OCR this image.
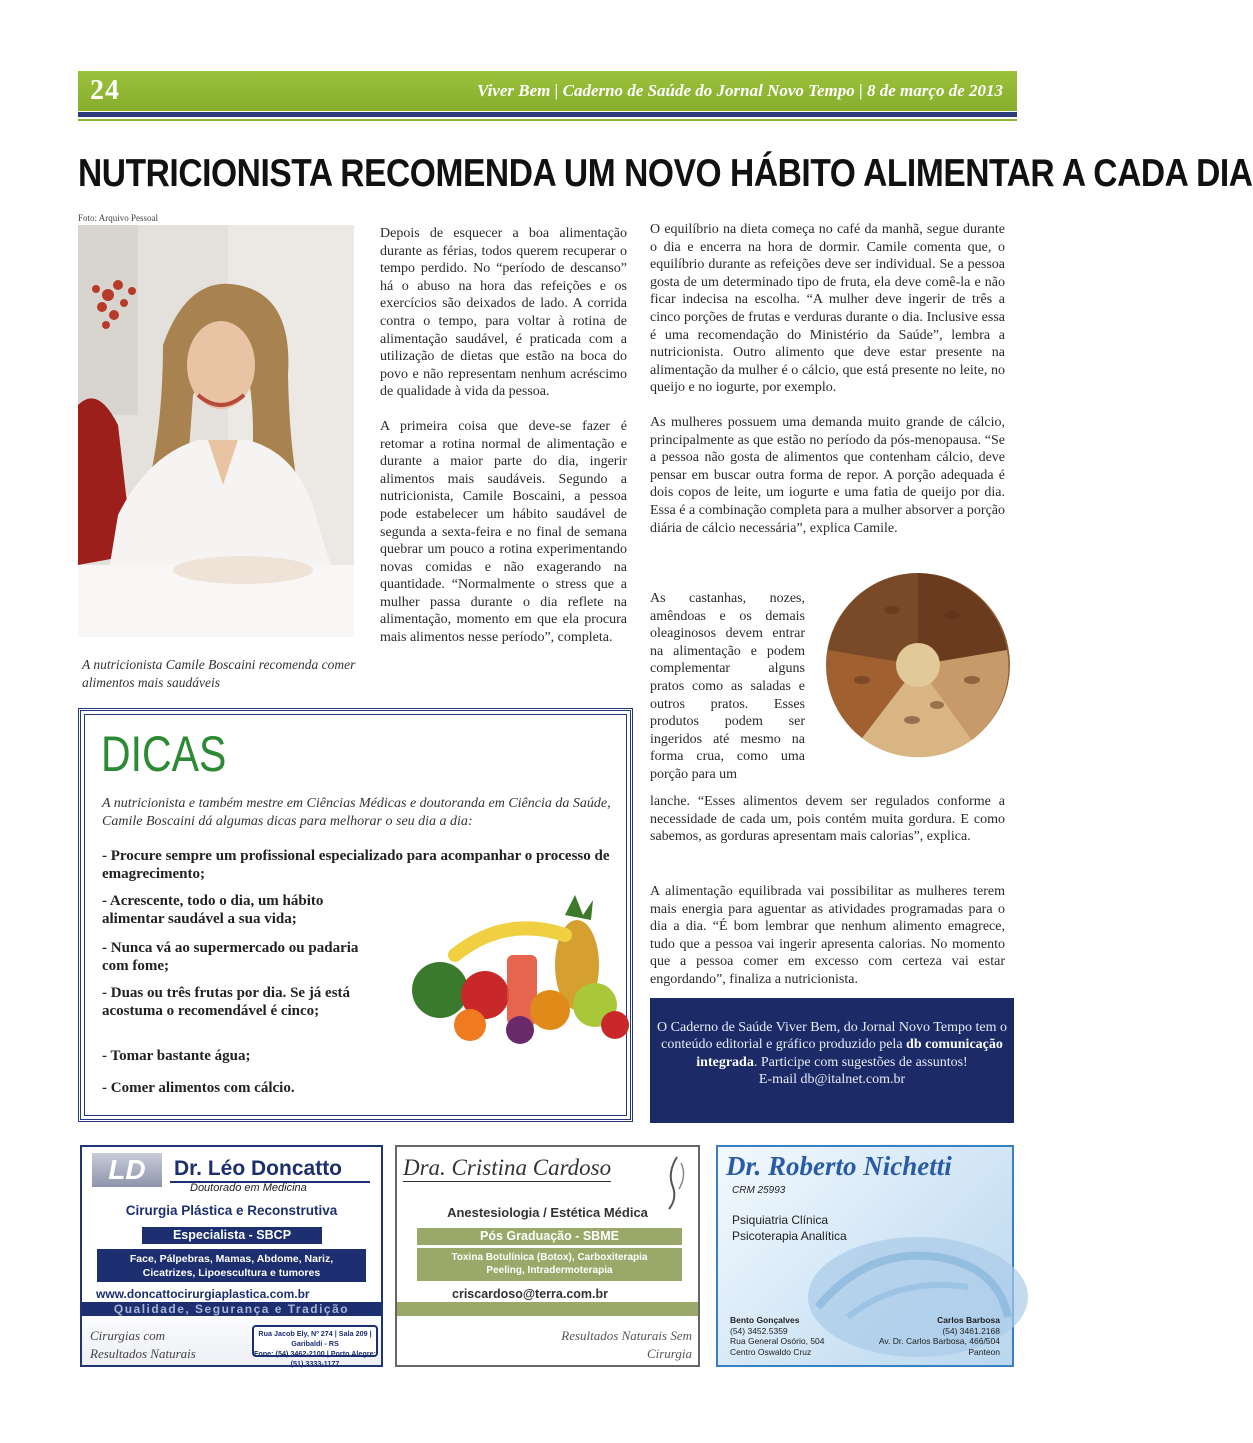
24	Viver Bem | Caderno de Saúde do Jornal Novo Tempo | 8 de março de 2013
NUTRICIONISTA RECOMENDA UM NOVO HÁBITO ALIMENTAR A CADA DIA
Foto: Arquivo Pessoal
A nutricionista Camile Boscaini recomenda comer alimentos mais saudáveis

Depois de esquecer a boa alimentação durante as férias, todos querem recuperar o tempo perdido. No “período de descanso” há o abuso na hora das refeições e os exercícios são deixados de lado. A corrida contra o tempo, para voltar à rotina de alimentação saudável, é praticada com a utilização de dietas que estão na boca do povo e não representam nenhum acréscimo de qualidade à vida da pessoa.

A primeira coisa que deve-se fazer é retomar a rotina normal de alimentação e durante a maior parte do dia, ingerir alimentos mais saudáveis. Segundo a nutricionista, Camile Boscaini, a pessoa pode estabelecer um hábito saudável de segunda a sexta-feira e no final de semana quebrar um pouco a rotina experimentando novas comidas e não exagerando na quantidade. “Normalmente o stress que a mulher passa durante o dia reflete na alimentação, momento em que ela procura mais alimentos nesse período”, completa.

O equilíbrio na dieta começa no café da manhã, segue durante o dia e encerra na hora de dormir. Camile comenta que, o equilíbrio durante as refeições deve ser individual. Se a pessoa gosta de um determinado tipo de fruta, ela deve comê-la e não ficar indecisa na escolha. “A mulher deve ingerir de três a cinco porções de frutas e verduras durante o dia. Inclusive essa é uma recomendação do Ministério da Saúde”, lembra a nutricionista. Outro alimento que deve estar presente na alimentação da mulher é o cálcio, que está presente no leite, no queijo e no iogurte, por exemplo.

As mulheres possuem uma demanda muito grande de cálcio, principalmente as que estão no período da pós-menopausa. “Se a pessoa não gosta de alimentos que contenham cálcio, deve pensar em buscar outra forma de repor. A porção adequada é dois copos de leite, um iogurte e uma fatia de queijo por dia. Essa é a combinação completa para a mulher absorver a porção diária de cálcio necessária”, explica Camile.

As castanhas, nozes, amêndoas e os demais oleaginosos devem entrar na alimentação e podem complementar alguns pratos como as saladas e outros pratos. Esses produtos podem ser ingeridos até mesmo na forma crua, como uma porção para um
lanche. “Esses alimentos devem ser regulados conforme a necessidade de cada um, pois contém muita gordura. E como sabemos, as gorduras apresentam mais calorias”, explica.
A alimentação equilibrada vai possibilitar as mulheres terem mais energia para aguentar as atividades programadas para o dia a dia. “É bom lembrar que nenhum alimento emagrece, tudo que a pessoa vai ingerir apresenta calorias. No momento que a pessoa comer em excesso com certeza vai estar engordando”, finaliza a nutricionista.
DICAS
A nutricionista e também mestre em Ciências Médicas e doutoranda em Ciência da Saúde, Camile Boscaini dá algumas dicas para melhorar o seu dia a dia:
- Procure sempre um profissional especializado para acompanhar o processo de emagrecimento;
- Acrescente, todo o dia, um hábito alimentar saudável a sua vida;
- Nunca vá ao supermercado ou padaria com fome;
- Duas ou três frutas por dia. Se já está acostuma o recomendável é cinco;
- Tomar bastante água;
- Comer alimentos com cálcio.
O Caderno de Saúde Viver Bem, do Jornal Novo Tempo tem o conteúdo editorial e gráfico produzido pela db comunicação integrada. Participe com sugestões de assuntos!
E-mail db@italnet.com.br
LD	Dr. Léo Doncatto
Doutorado em Medicina
Cirurgia Plástica e Reconstrutiva
Especialista - SBCP
Face, Pálpebras, Mamas, Abdome, Nariz, Cicatrizes, Lipoescultura e tumores
www.doncattocirurgiaplastica.com.br
Qualidade, Segurança e Tradição
Cirurgias com Resultados Naturais
Rua Jacob Ely, Nº 274 | Sala 209 | Garibaldi - RS
Fone: (54) 3462-2100 | Porto Alegre: (51) 3333-1177
Dra. Cristina Cardoso
Anestesiologia / Estética Médica
Pós Graduação - SBME
Toxina Botulínica (Botox), Carboxiterapia Peeling, Intradermoterapia
criscardoso@terra.com.br
Resultados Naturais Sem Cirurgia
Dr. Roberto Nichetti
CRM 25993
Psiquiatria Clínica
Psicoterapia Analítica
Bento Gonçalves
(54) 3452.5359
Rua General Osório, 504
Centro Oswaldo Cruz
Carlos Barbosa
(54) 3461.2168
Av. Dr. Carlos Barbosa, 466/504
Panteon
